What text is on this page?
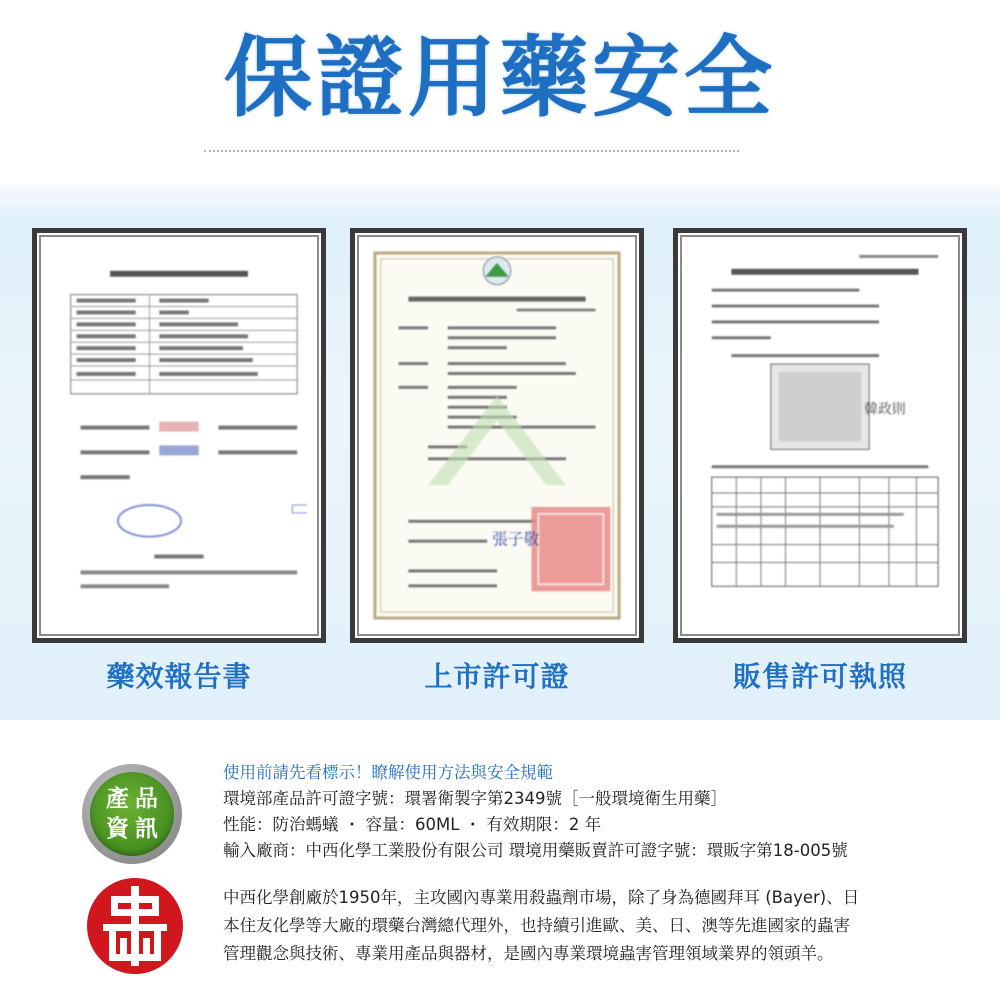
保證用藥安全
藥效報告書
張子敬
上市許可證
韓政則
販售許可執照
產品
資訊
使用前請先看標示！瞭解使用方法與安全規範
環境部產品許可證字號：環署衛製字第2349號［一般環境衛生用藥］
性能：防治螞蟻 ・ 容量：60ML ・ 有效期限：2 年
輸入廠商：中西化學工業股份有限公司 環境用藥販賣許可證字號：環販字第18-005號
中西化學創廠於1950年，主攻國內專業用殺蟲劑市場，除了身為德國拜耳 (Bayer)、日
本住友化學等大廠的環藥台灣總代理外，也持續引進歐、美、日、澳等先進國家的蟲害
管理觀念與技術、專業用產品與器材，是國內專業環境蟲害管理領域業界的領頭羊。
